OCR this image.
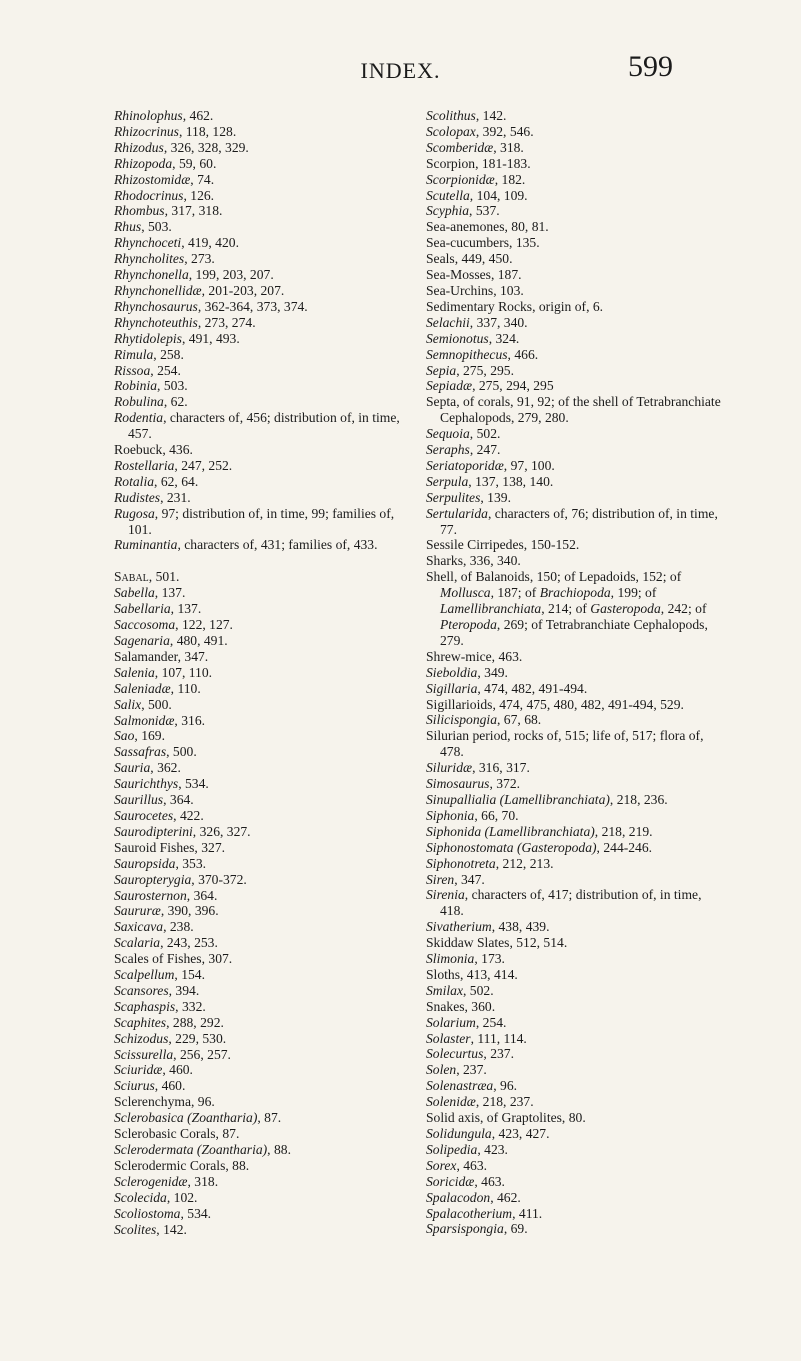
INDEX.	599
Rhinolophus, 462.
Rhizocrinus, 118, 128.
Rhizodus, 326, 328, 329.
Rhizopoda, 59, 60.
Rhizostomidæ, 74.
Rhodocrinus, 126.
Rhombus, 317, 318.
Rhus, 503.
Rhynchoceti, 419, 420.
Rhyncholites, 273.
Rhynchonella, 199, 203, 207.
Rhynchonellidæ, 201-203, 207.
Rhynchosaurus, 362-364, 373, 374.
Rhynchoteuthis, 273, 274.
Rhytidolepis, 491, 493.
Rimula, 258.
Rissoa, 254.
Robinia, 503.
Robulina, 62.
Rodentia, characters of, 456; distribution of, in time, 457.
Roebuck, 436.
Rostellaria, 247, 252.
Rotalia, 62, 64.
Rudistes, 231.
Rugosa, 97; distribution of, in time, 99; families of, 101.
Ruminantia, characters of, 431; families of, 433.
Sabal, 501.
Sabella, 137.
Sabellaria, 137.
Saccosoma, 122, 127.
Sagenaria, 480, 491.
Salamander, 347.
Salenia, 107, 110.
Saleniadæ, 110.
Salix, 500.
Salmonidæ, 316.
Sao, 169.
Sassafras, 500.
Sauria, 362.
Saurichthys, 534.
Saurillus, 364.
Saurocetes, 422.
Saurodipterini, 326, 327.
Sauroid Fishes, 327.
Sauropsida, 353.
Sauropterygia, 370-372.
Saurosternon, 364.
Saururæ, 390, 396.
Saxicava, 238.
Scalaria, 243, 253.
Scales of Fishes, 307.
Scalpellum, 154.
Scansores, 394.
Scaphaspis, 332.
Scaphites, 288, 292.
Schizodus, 229, 530.
Scissurella, 256, 257.
Sciuridæ, 460.
Sciurus, 460.
Sclerenchyma, 96.
Sclerobasica (Zoantharia), 87.
Sclerobasic Corals, 87.
Sclerodermata (Zoantharia), 88.
Sclerodermic Corals, 88.
Sclerogenidæ, 318.
Scolecida, 102.
Scoliostoma, 534.
Scolites, 142.
Scolithus, 142.
Scolopax, 392, 546.
Scomberidæ, 318.
Scorpion, 181-183.
Scorpionidæ, 182.
Scutella, 104, 109.
Scyphia, 537.
Sea-anemones, 80, 81.
Sea-cucumbers, 135.
Seals, 449, 450.
Sea-Mosses, 187.
Sea-Urchins, 103.
Sedimentary Rocks, origin of, 6.
Selachii, 337, 340.
Semionotus, 324.
Semnopithecus, 466.
Sepia, 275, 295.
Sepiadæ, 275, 294, 295
Septa, of corals, 91, 92; of the shell of Tetrabranchiate Cephalopods, 279, 280.
Sequoia, 502.
Seraphs, 247.
Seriatoporidæ, 97, 100.
Serpula, 137, 138, 140.
Serpulites, 139.
Sertularida, characters of, 76; distribution of, in time, 77.
Sessile Cirripedes, 150-152.
Sharks, 336, 340.
Shell, of Balanoids, 150; of Lepadoids, 152; of Mollusca, 187; of Brachiopoda, 199; of Lamellibranchiata, 214; of Gasteropoda, 242; of Pteropoda, 269; of Tetrabranchiate Cephalopods, 279.
Shrew-mice, 463.
Sieboldia, 349.
Sigillaria, 474, 482, 491-494.
Sigillarioids, 474, 475, 480, 482, 491-494, 529.
Silicispongia, 67, 68.
Silurian period, rocks of, 515; life of, 517; flora of, 478.
Siluridæ, 316, 317.
Simosaurus, 372.
Sinupallialia (Lamellibranchiata), 218, 236.
Siphonia, 66, 70.
Siphonida (Lamellibranchiata), 218, 219.
Siphonostomata (Gasteropoda), 244-246.
Siphonotreta, 212, 213.
Siren, 347.
Sirenia, characters of, 417; distribution of, in time, 418.
Sivatherium, 438, 439.
Skiddaw Slates, 512, 514.
Slimonia, 173.
Sloths, 413, 414.
Smilax, 502.
Snakes, 360.
Solarium, 254.
Solaster, 111, 114.
Solecurtus, 237.
Solen, 237.
Solenastræa, 96.
Solenidæ, 218, 237.
Solid axis, of Graptolites, 80.
Solidungula, 423, 427.
Solipedia, 423.
Sorex, 463.
Soricidæ, 463.
Spalacodon, 462.
Spalacotherium, 411.
Sparsispongia, 69.
